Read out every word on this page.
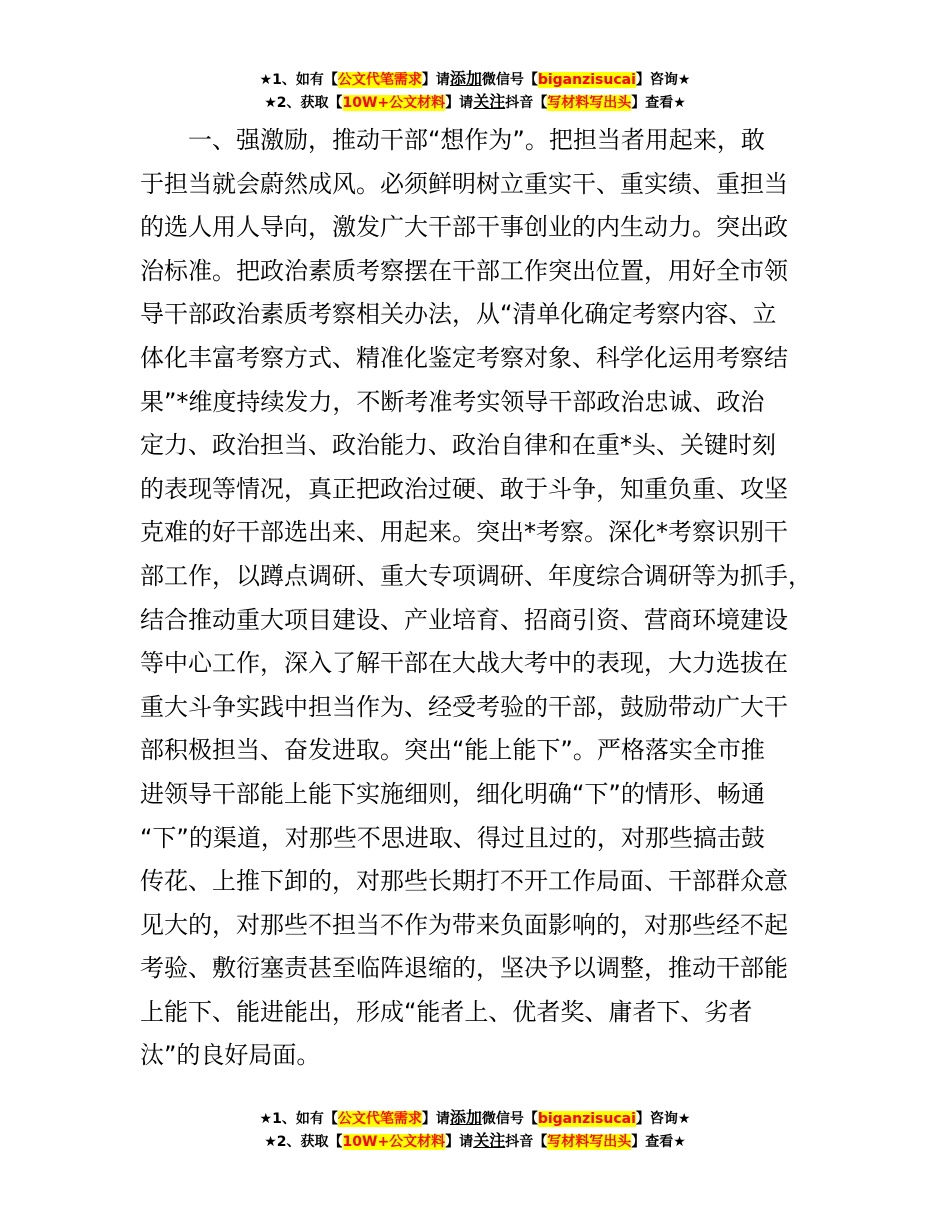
★1、如有【公文代笔需求】请添加微信号【biganzisucai】咨询★
★2、获取【10W+公文材料】请关注抖音【写材料写出头】查看★
　　一、强激励，推动干部“想作为”。把担当者用起来，敢
于担当就会蔚然成风。必须鲜明树立重实干、重实绩、重担当
的选人用人导向，激发广大干部干事创业的内生动力。突出政
治标准。把政治素质考察摆在干部工作突出位置，用好全市领
导干部政治素质考察相关办法，从“清单化确定考察内容、立
体化丰富考察方式、精准化鉴定考察对象、科学化运用考察结
果”*维度持续发力，不断考准考实领导干部政治忠诚、政治
定力、政治担当、政治能力、政治自律和在重*头、关键时刻
的表现等情况，真正把政治过硬、敢于斗争，知重负重、攻坚
克难的好干部选出来、用起来。突出*考察。深化*考察识别干
部工作，以蹲点调研、重大专项调研、年度综合调研等为抓手，
结合推动重大项目建设、产业培育、招商引资、营商环境建设
等中心工作，深入了解干部在大战大考中的表现，大力选拔在
重大斗争实践中担当作为、经受考验的干部，鼓励带动广大干
部积极担当、奋发进取。突出“能上能下”。严格落实全市推
进领导干部能上能下实施细则，细化明确“下”的情形、畅通
“下”的渠道，对那些不思进取、得过且过的，对那些搞击鼓
传花、上推下卸的，对那些长期打不开工作局面、干部群众意
见大的，对那些不担当不作为带来负面影响的，对那些经不起
考验、敷衍塞责甚至临阵退缩的，坚决予以调整，推动干部能
上能下、能进能出，形成“能者上、优者奖、庸者下、劣者
汰”的良好局面。
★1、如有【公文代笔需求】请添加微信号【biganzisucai】咨询★
★2、获取【10W+公文材料】请关注抖音【写材料写出头】查看★
